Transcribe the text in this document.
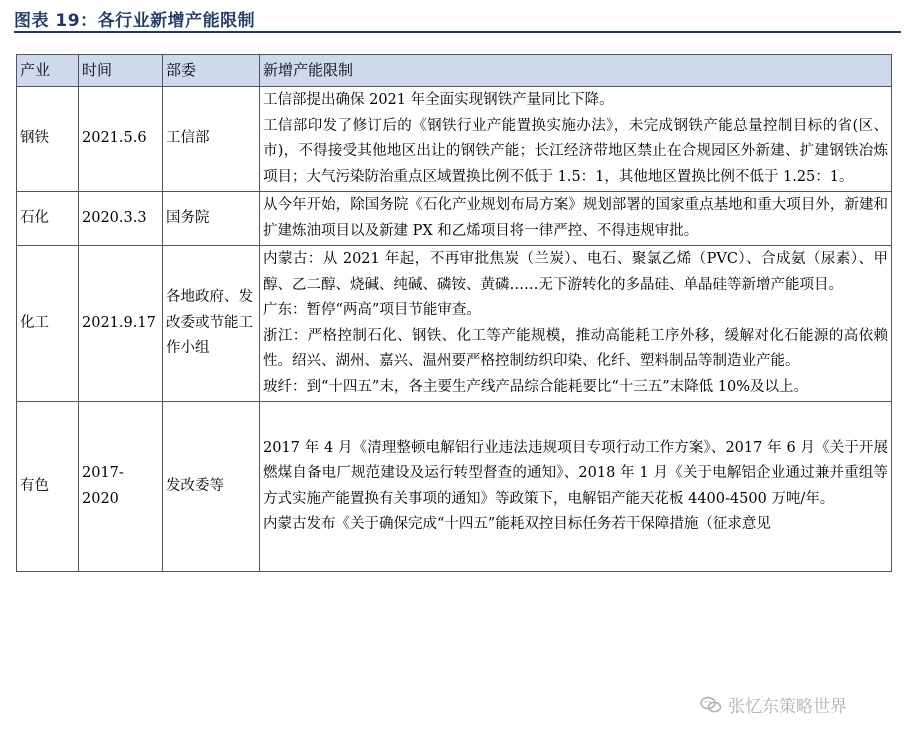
图表 19：各行业新增产能限制
产业	时间	部委	新增产能限制
钢铁	2021.5.6	工信部	工信部提出确保 2021 年全面实现钢铁产量同比下降。
工信部印发了修订后的《钢铁行业产能置换实施办法》，未完成钢铁产能总量控制目标的省(区、市)，不得接受其他地区出让的钢铁产能；长江经济带地区禁止在合规园区外新建、扩建钢铁冶炼项目；大气污染防治重点区域置换比例不低于 1.5：1，其他地区置换比例不低于 1.25：1。

石化	2020.3.3	国务院	从今年开始，除国务院《石化产业规划布局方案》规划部署的国家重点基地和重大项目外，新建和扩建炼油项目以及新建 PX 和乙烯项目将一律严控、不得违规审批。

化工	2021.9.17	各地政府、发改委或节能工作小组	内蒙古：从 2021 年起，不再审批焦炭（兰炭）、电石、聚氯乙烯（PVC）、合成氨（尿素）、甲醇、乙二醇、烧碱、纯碱、磷铵、黄磷……无下游转化的多晶硅、单晶硅等新增产能项目。
广东：暂停“两高”项目节能审查。
浙江：严格控制石化、钢铁、化工等产能规模，推动高能耗工序外移，缓解对化石能源的高依赖性。绍兴、湖州、嘉兴、温州要严格控制纺织印染、化纤、塑料制品等制造业产能。
玻纤：到“十四五”末，各主要生产线产品综合能耗要比“十三五”末降低 10%及以上。

有色	2017-2020	发改委等	2017 年 4 月《清理整顿电解铝行业违法违规项目专项行动工作方案》、2017 年 6 月《关于开展燃煤自备电厂规范建设及运行转型督查的通知》、2018 年 1 月《关于电解铝企业通过兼并重组等方式实施产能置换有关事项的通知》等政策下，电解铝产能天花板 4400-4500 万吨/年。
内蒙古发布《关于确保完成“十四五”能耗双控目标任务若干保障措施（征求意见
张忆东策略世界
